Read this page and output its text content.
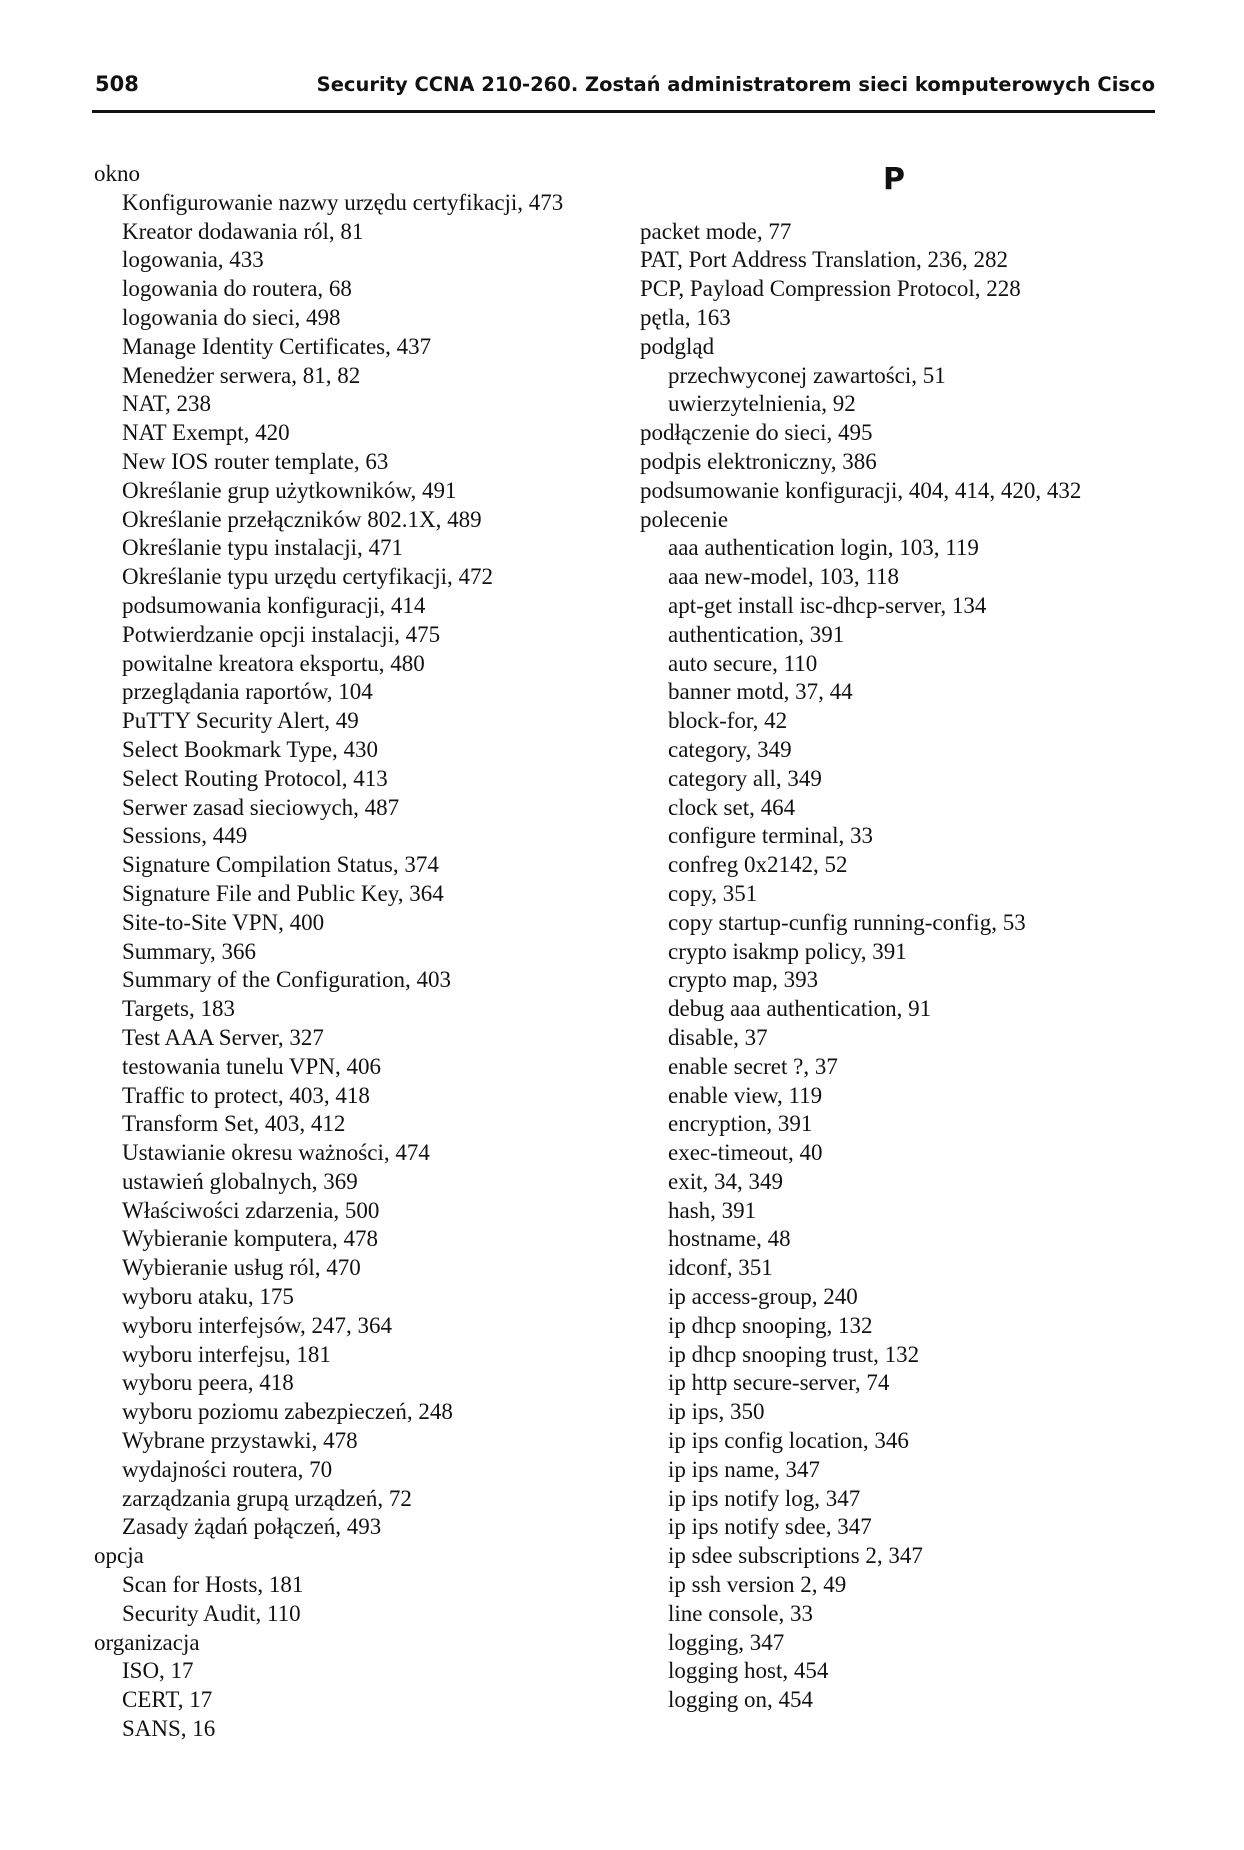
508	Security CCNA 210-260. Zostań administratorem sieci komputerowych Cisco
okno
Konfigurowanie nazwy urzędu certyfikacji, 473
Kreator dodawania ról, 81
logowania, 433
logowania do routera, 68
logowania do sieci, 498
Manage Identity Certificates, 437
Menedżer serwera, 81, 82
NAT, 238
NAT Exempt, 420
New IOS router template, 63
Określanie grup użytkowników, 491
Określanie przełączników 802.1X, 489
Określanie typu instalacji, 471
Określanie typu urzędu certyfikacji, 472
podsumowania konfiguracji, 414
Potwierdzanie opcji instalacji, 475
powitalne kreatora eksportu, 480
przeglądania raportów, 104
PuTTY Security Alert, 49
Select Bookmark Type, 430
Select Routing Protocol, 413
Serwer zasad sieciowych, 487
Sessions, 449
Signature Compilation Status, 374
Signature File and Public Key, 364
Site-to-Site VPN, 400
Summary, 366
Summary of the Configuration, 403
Targets, 183
Test AAA Server, 327
testowania tunelu VPN, 406
Traffic to protect, 403, 418
Transform Set, 403, 412
Ustawianie okresu ważności, 474
ustawień globalnych, 369
Właściwości zdarzenia, 500
Wybieranie komputera, 478
Wybieranie usług ról, 470
wyboru ataku, 175
wyboru interfejsów, 247, 364
wyboru interfejsu, 181
wyboru peera, 418
wyboru poziomu zabezpieczeń, 248
Wybrane przystawki, 478
wydajności routera, 70
zarządzania grupą urządzeń, 72
Zasady żądań połączeń, 493
opcja
Scan for Hosts, 181
Security Audit, 110
organizacja
ISO, 17
CERT, 17
SANS, 16
P
packet mode, 77
PAT, Port Address Translation, 236, 282
PCP, Payload Compression Protocol, 228
pętla, 163
podgląd
przechwyconej zawartości, 51
uwierzytelnienia, 92
podłączenie do sieci, 495
podpis elektroniczny, 386
podsumowanie konfiguracji, 404, 414, 420, 432
polecenie
aaa authentication login, 103, 119
aaa new-model, 103, 118
apt-get install isc-dhcp-server, 134
authentication, 391
auto secure, 110
banner motd, 37, 44
block-for, 42
category, 349
category all, 349
clock set, 464
configure terminal, 33
confreg 0x2142, 52
copy, 351
copy startup-cunfig running-config, 53
crypto isakmp policy, 391
crypto map, 393
debug aaa authentication, 91
disable, 37
enable secret ?, 37
enable view, 119
encryption, 391
exec-timeout, 40
exit, 34, 349
hash, 391
hostname, 48
idconf, 351
ip access-group, 240
ip dhcp snooping, 132
ip dhcp snooping trust, 132
ip http secure-server, 74
ip ips, 350
ip ips config location, 346
ip ips name, 347
ip ips notify log, 347
ip ips notify sdee, 347
ip sdee subscriptions 2, 347
ip ssh version 2, 49
line console, 33
logging, 347
logging host, 454
logging on, 454
